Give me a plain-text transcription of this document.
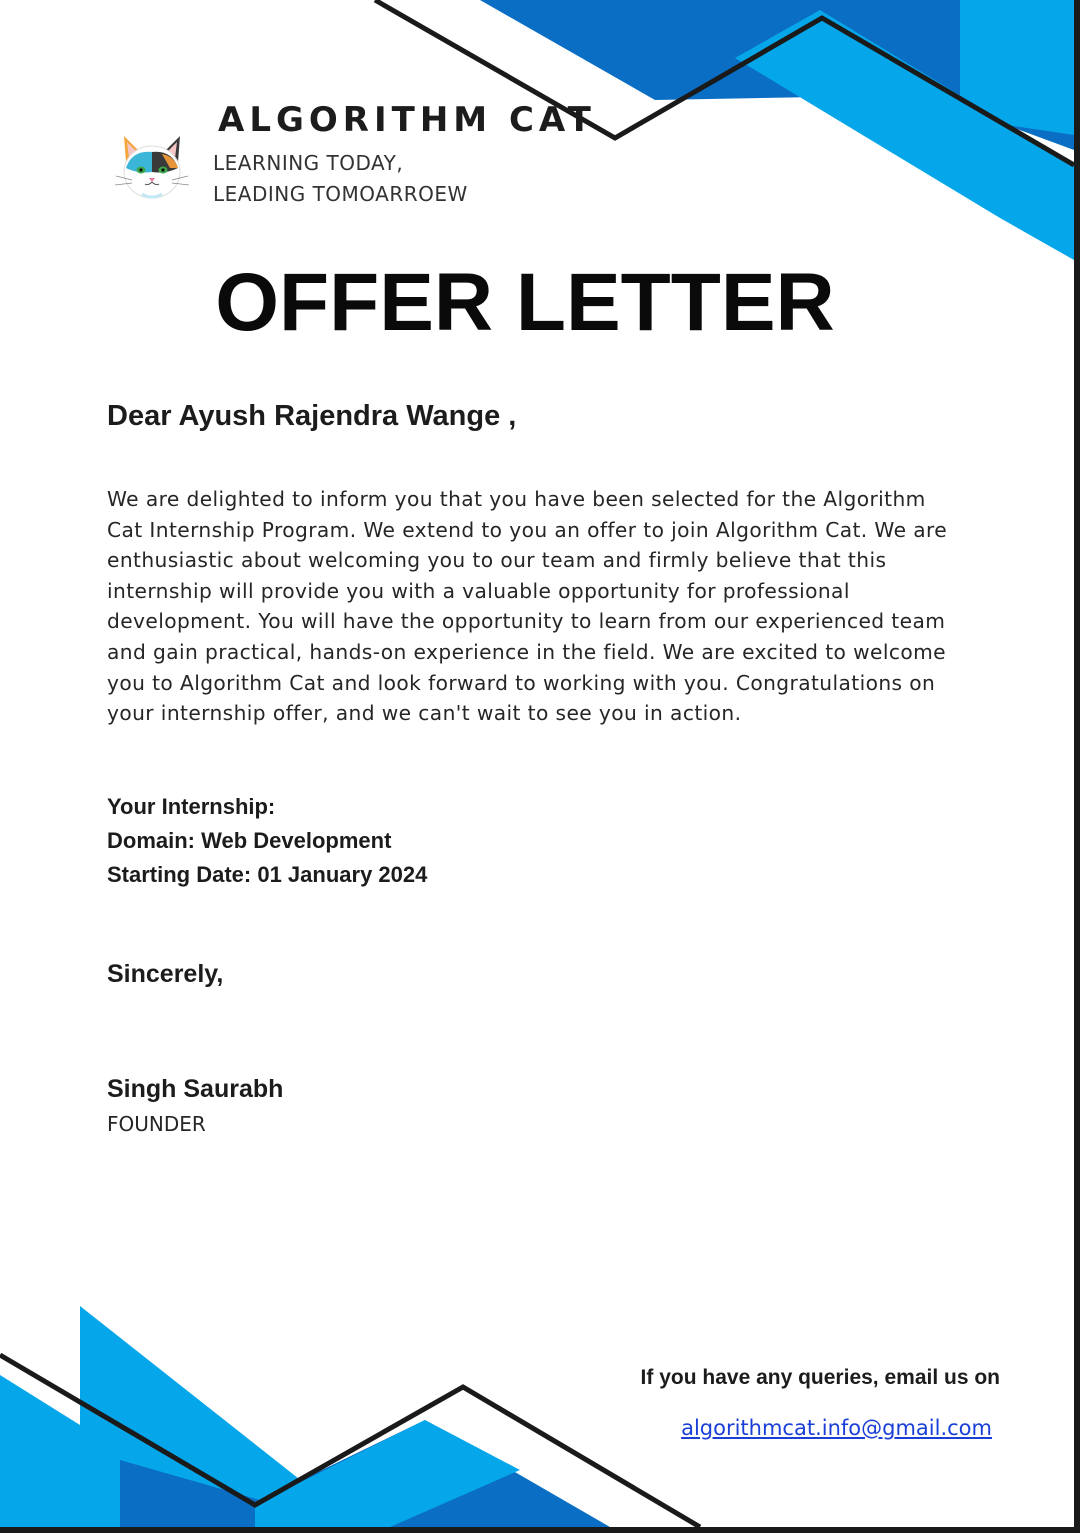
ALGORITHM CAT
LEARNING TODAY,
LEADING TOMOARROEW
OFFER LETTER
Dear Ayush Rajendra Wange ,
We are delighted to inform you that you have been selected for the Algorithm Cat Internship Program. We extend to you an offer to join Algorithm Cat. We are enthusiastic about welcoming you to our team and firmly believe that this internship will provide you with a valuable opportunity for professional development. You will have the opportunity to learn from our experienced team and gain practical, hands-on experience in the field. We are excited to welcome you to Algorithm Cat and look forward to working with you. Congratulations on your internship offer, and we can't wait to see you in action.
Your Internship:
Domain: Web Development
Starting Date: 01 January 2024
Sincerely,
Singh Saurabh
FOUNDER
If you have any queries, email us on
algorithmcat.info@gmail.com
